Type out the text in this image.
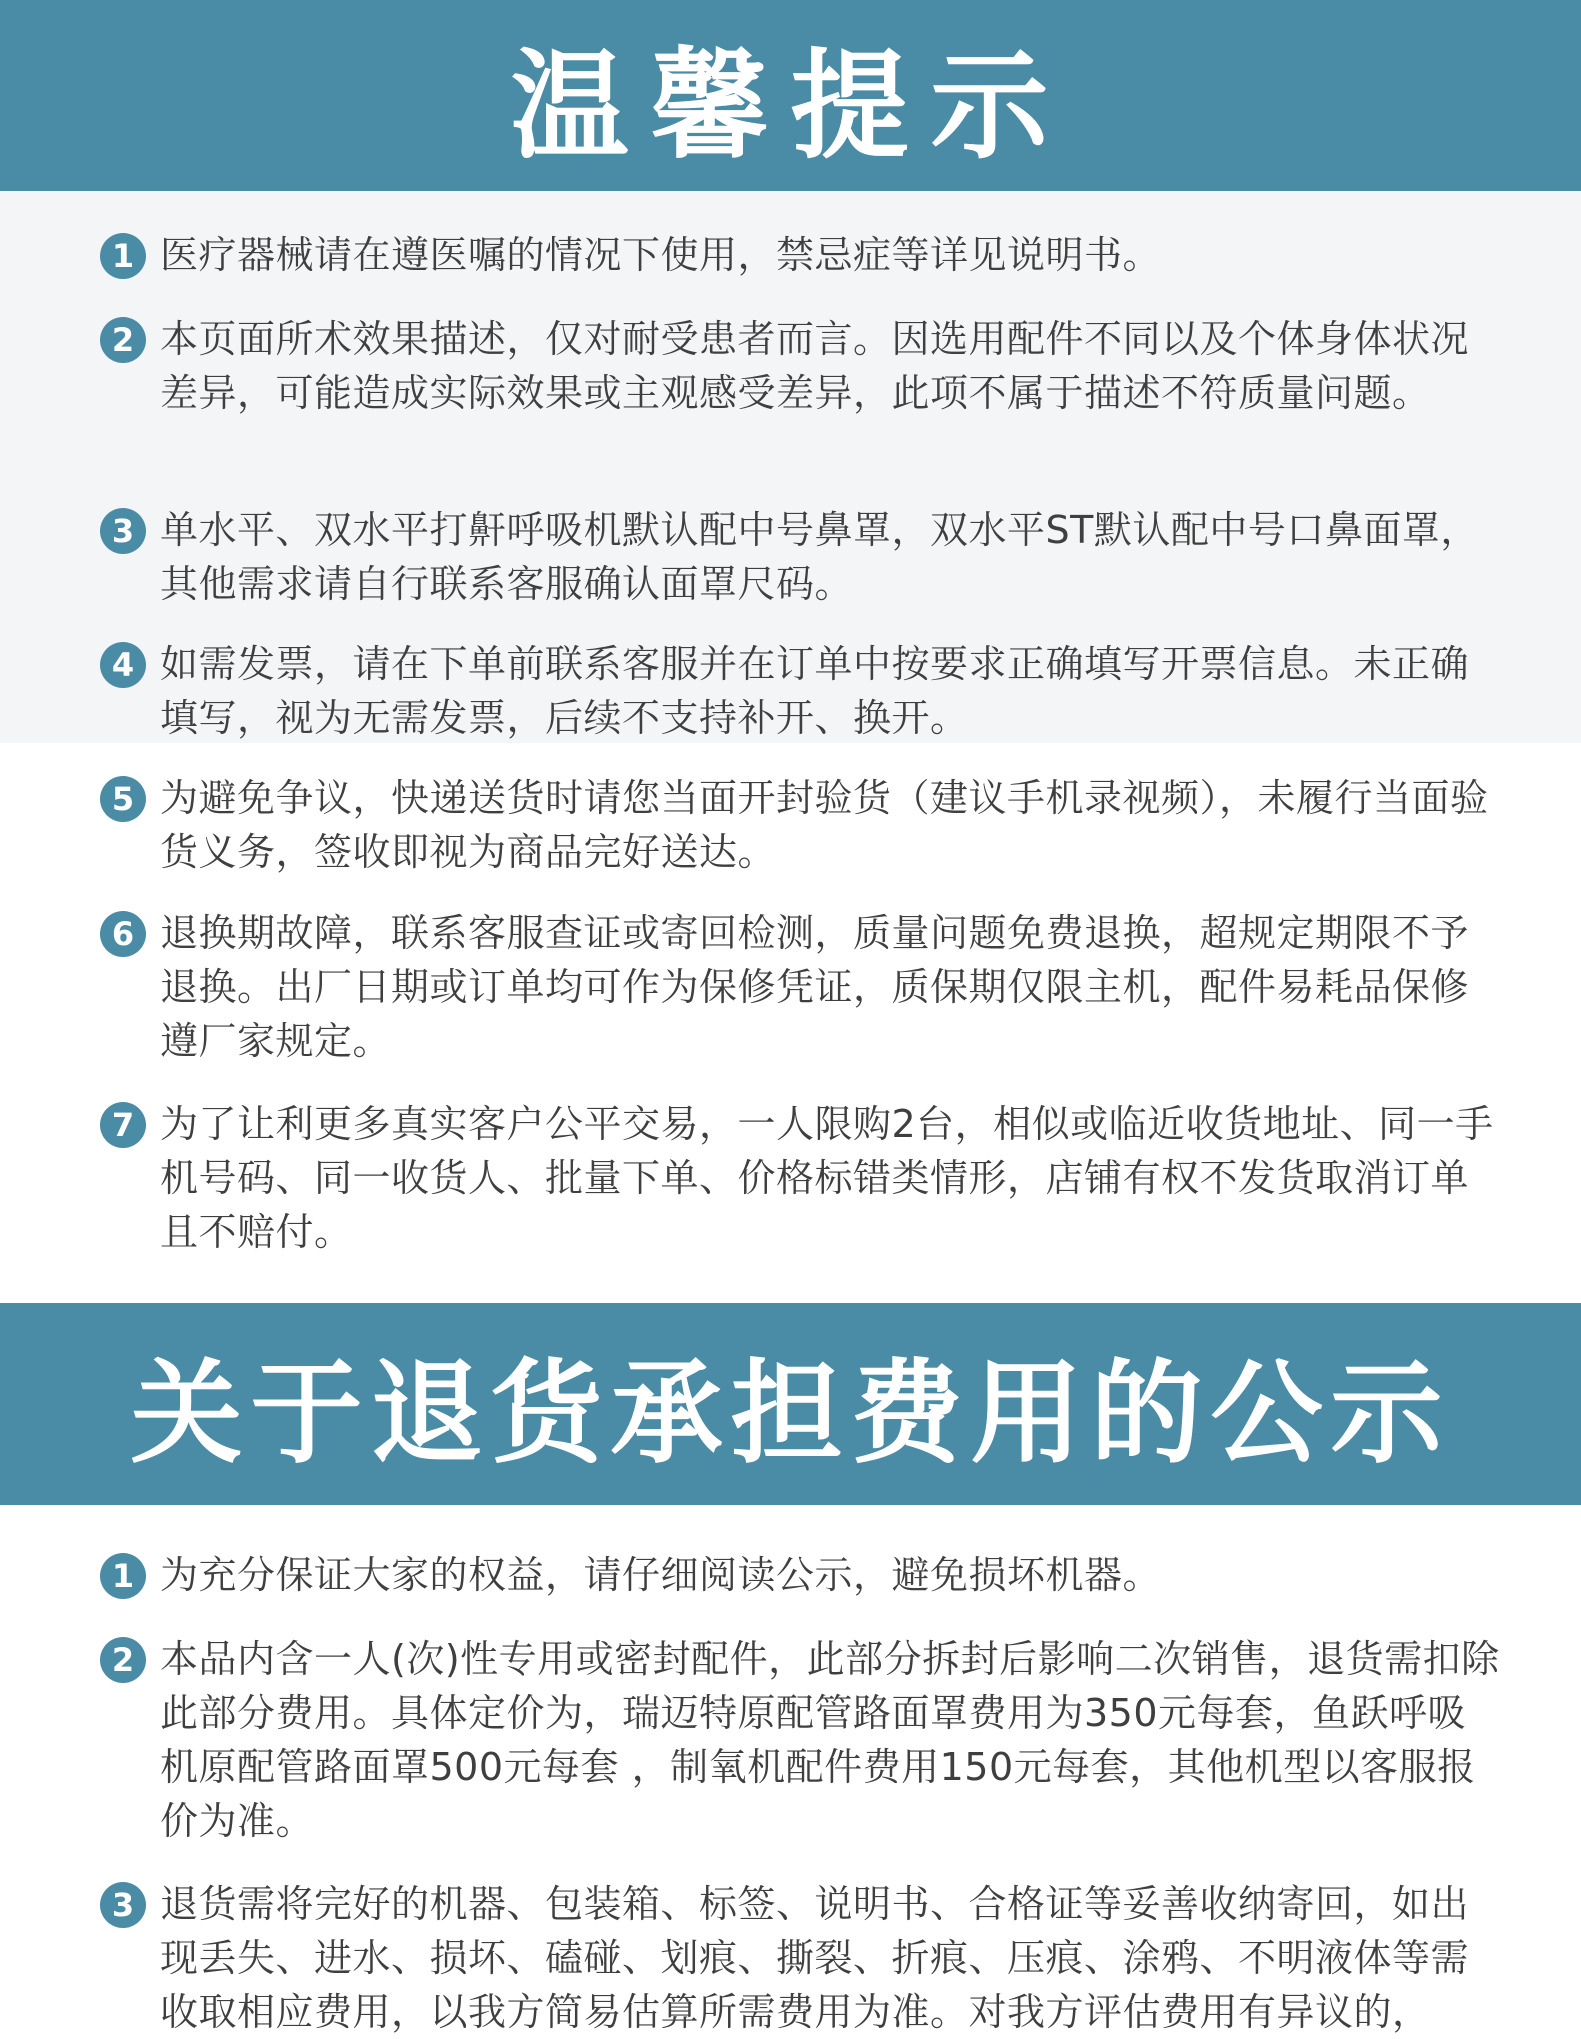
温馨提示
1 医疗器械请在遵医嘱的情况下使用，禁忌症等详见说明书。
2 本页面所术效果描述，仅对耐受患者而言。因选用配件不同以及个体身体状况差异，可能造成实际效果或主观感受差异，此项不属于描述不符质量问题。
3 单水平、双水平打鼾呼吸机默认配中号鼻罩，双水平ST默认配中号口鼻面罩，其他需求请自行联系客服确认面罩尺码。
4 如需发票，请在下单前联系客服并在订单中按要求正确填写开票信息。未正确填写，视为无需发票，后续不支持补开、换开。
5 为避免争议，快递送货时请您当面开封验货（建议手机录视频），未履行当面验货义务，签收即视为商品完好送达。
6 退换期故障，联系客服查证或寄回检测，质量问题免费退换，超规定期限不予退换。出厂日期或订单均可作为保修凭证，质保期仅限主机，配件易耗品保修遵厂家规定。
7 为了让利更多真实客户公平交易，一人限购2台，相似或临近收货地址、同一手机号码、同一收货人、批量下单、价格标错类情形，店铺有权不发货取消订单且不赔付。
关于退货承担费用的公示
1 为充分保证大家的权益，请仔细阅读公示，避免损坏机器。
2 本品内含一人(次)性专用或密封配件，此部分拆封后影响二次销售，退货需扣除此部分费用。具体定价为，瑞迈特原配管路面罩费用为350元每套，鱼跃呼吸机原配管路面罩500元每套 ，制氧机配件费用150元每套，其他机型以客服报价为准。
3 退货需将完好的机器、包装箱、标签、说明书、合格证等妥善收纳寄回，如出现丢失、进水、损坏、磕碰、划痕、撕裂、折痕、压痕、涂鸦、不明液体等需收取相应费用，以我方简易估算所需费用为准。对我方评估费用有异议的，
